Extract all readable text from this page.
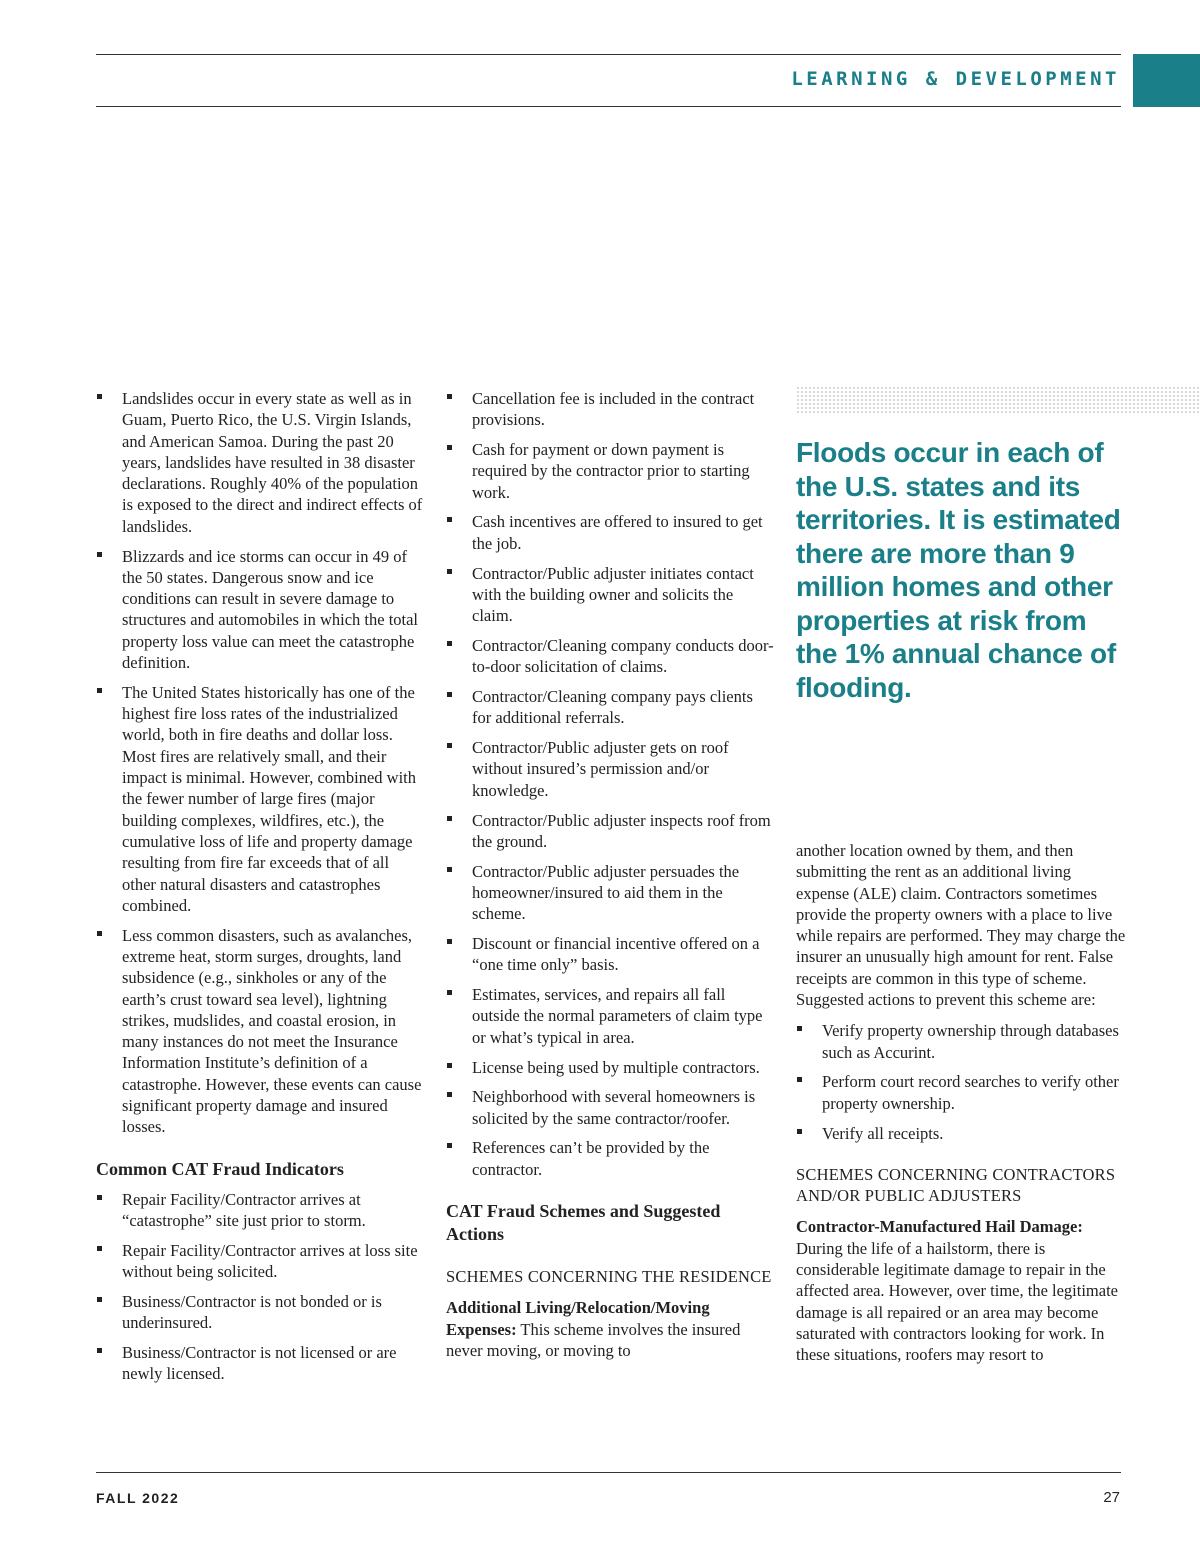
LEARNING & DEVELOPMENT
Landslides occur in every state as well as in Guam, Puerto Rico, the U.S. Virgin Islands, and American Samoa. During the past 20 years, landslides have resulted in 38 disaster declarations. Roughly 40% of the population is exposed to the direct and indirect effects of landslides.
Blizzards and ice storms can occur in 49 of the 50 states. Dangerous snow and ice conditions can result in severe damage to structures and automobiles in which the total property loss value can meet the catastrophe definition.
The United States historically has one of the highest fire loss rates of the industrialized world, both in fire deaths and dollar loss. Most fires are relatively small, and their impact is minimal. However, combined with the fewer number of large fires (major building complexes, wildfires, etc.), the cumulative loss of life and property damage resulting from fire far exceeds that of all other natural disasters and catastrophes combined.
Less common disasters, such as avalanches, extreme heat, storm surges, droughts, land subsidence (e.g., sinkholes or any of the earth’s crust toward sea level), lightning strikes, mudslides, and coastal erosion, in many instances do not meet the Insurance Information Institute’s definition of a catastrophe. However, these events can cause significant property damage and insured losses.
Common CAT Fraud Indicators
Repair Facility/Contractor arrives at “catastrophe” site just prior to storm.
Repair Facility/Contractor arrives at loss site without being solicited.
Business/Contractor is not bonded or is underinsured.
Business/Contractor is not licensed or are newly licensed.
Cancellation fee is included in the contract provisions.
Cash for payment or down payment is required by the contractor prior to starting work.
Cash incentives are offered to insured to get the job.
Contractor/Public adjuster initiates contact with the building owner and solicits the claim.
Contractor/Cleaning company conducts door-to-door solicitation of claims.
Contractor/Cleaning company pays clients for additional referrals.
Contractor/Public adjuster gets on roof without insured’s permission and/or knowledge.
Contractor/Public adjuster inspects roof from the ground.
Contractor/Public adjuster persuades the homeowner/insured to aid them in the scheme.
Discount or financial incentive offered on a “one time only” basis.
Estimates, services, and repairs all fall outside the normal parameters of claim type or what’s typical in area.
License being used by multiple contractors.
Neighborhood with several homeowners is solicited by the same contractor/roofer.
References can’t be provided by the contractor.
CAT Fraud Schemes and Suggested Actions
SCHEMES CONCERNING THE RESIDENCE

Additional Living/Relocation/Moving Expenses: This scheme involves the insured never moving, or moving to

Floods occur in each of the U.S. states and its territories. It is estimated there are more than 9 million homes and other properties at risk from the 1% annual chance of flooding.

another location owned by them, and then submitting the rent as an additional living expense (ALE) claim. Contractors sometimes provide the property owners with a place to live while repairs are performed. They may charge the insurer an unusually high amount for rent. False receipts are common in this type of scheme. Suggested actions to prevent this scheme are:

Verify property ownership through databases such as Accurint.
Perform court record searches to verify other property ownership.
Verify all receipts.
SCHEMES CONCERNING CONTRACTORS AND/OR PUBLIC ADJUSTERS

Contractor-Manufactured Hail Damage: During the life of a hailstorm, there is considerable legitimate damage to repair in the affected area. However, over time, the legitimate damage is all repaired or an area may become saturated with contractors looking for work. In these situations, roofers may resort to

FALL 2022	27
